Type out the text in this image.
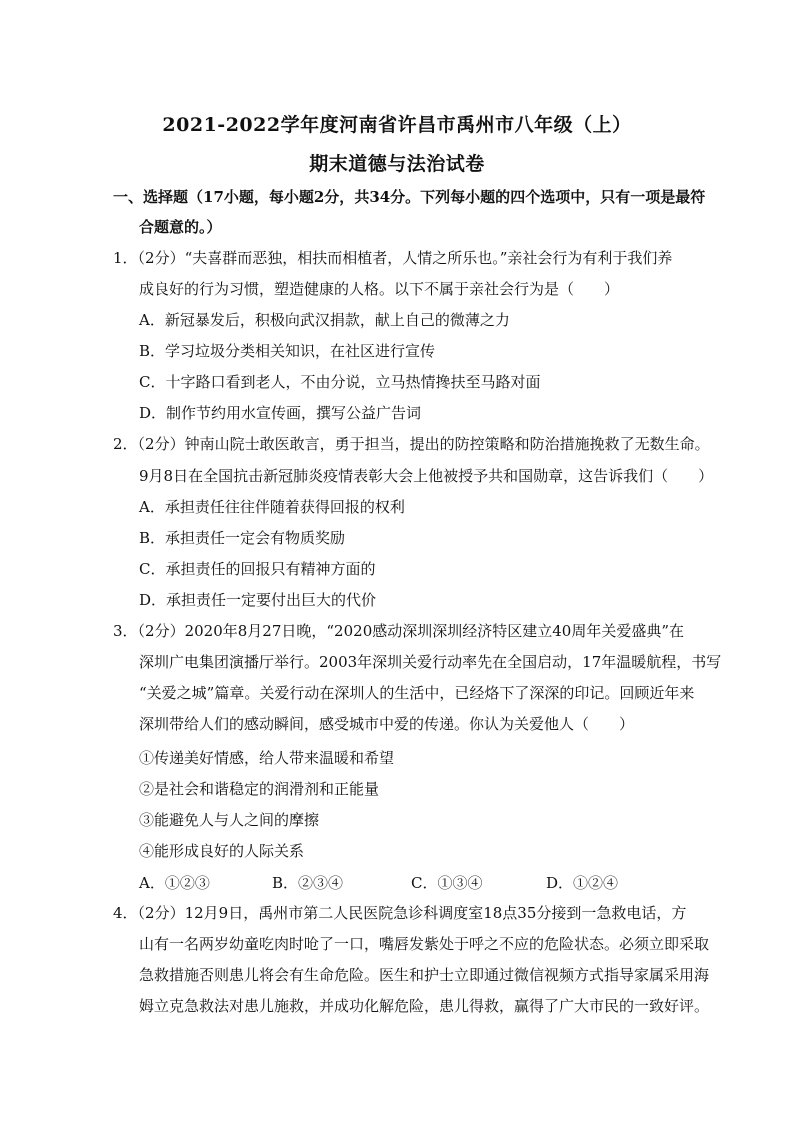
2021-2022学年度河南省许昌市禹州市八年级（上）
期末道德与法治试卷
一、选择题（17小题，每小题2分，共34分。下列每小题的四个选项中，只有一项是最符
合题意的。）
1．（2分）“夫喜群而恶独，相扶而相植者，人情之所乐也。”亲社会行为有利于我们养
成良好的行为习惯，塑造健康的人格。以下不属于亲社会行为是（　　）
A．新冠暴发后，积极向武汉捐款，献上自己的微薄之力
B．学习垃圾分类相关知识，在社区进行宣传
C．十字路口看到老人，不由分说，立马热情搀扶至马路对面
D．制作节约用水宣传画，撰写公益广告词
2．（2分）钟南山院士敢医敢言，勇于担当，提出的防控策略和防治措施挽救了无数生命。
9月8日在全国抗击新冠肺炎疫情表彰大会上他被授予共和国勋章，这告诉我们（　　）
A．承担责任往往伴随着获得回报的权利
B．承担责任一定会有物质奖励
C．承担责任的回报只有精神方面的
D．承担责任一定要付出巨大的代价
3．（2分）2020年8月27日晚，“2020感动深圳深圳经济特区建立40周年关爱盛典”在
深圳广电集团演播厅举行。2003年深圳关爱行动率先在全国启动，17年温暖航程，书写
“关爱之城”篇章。关爱行动在深圳人的生活中，已经烙下了深深的印记。回顾近年来
深圳带给人们的感动瞬间，感受城市中爱的传递。你认为关爱他人（　　）
①传递美好情感，给人带来温暖和希望
②是社会和谐稳定的润滑剂和正能量
③能避免人与人之间的摩擦
④能形成良好的人际关系
A．①②③	B．②③④	C．①③④	D．①②④
4．（2分）12月9日，禹州市第二人民医院急诊科调度室18点35分接到一急救电话，方
山有一名两岁幼童吃肉时呛了一口，嘴唇发紫处于呼之不应的危险状态。必须立即采取
急救措施否则患儿将会有生命危险。医生和护士立即通过微信视频方式指导家属采用海
姆立克急救法对患儿施救，并成功化解危险，患儿得救，赢得了广大市民的一致好评。
